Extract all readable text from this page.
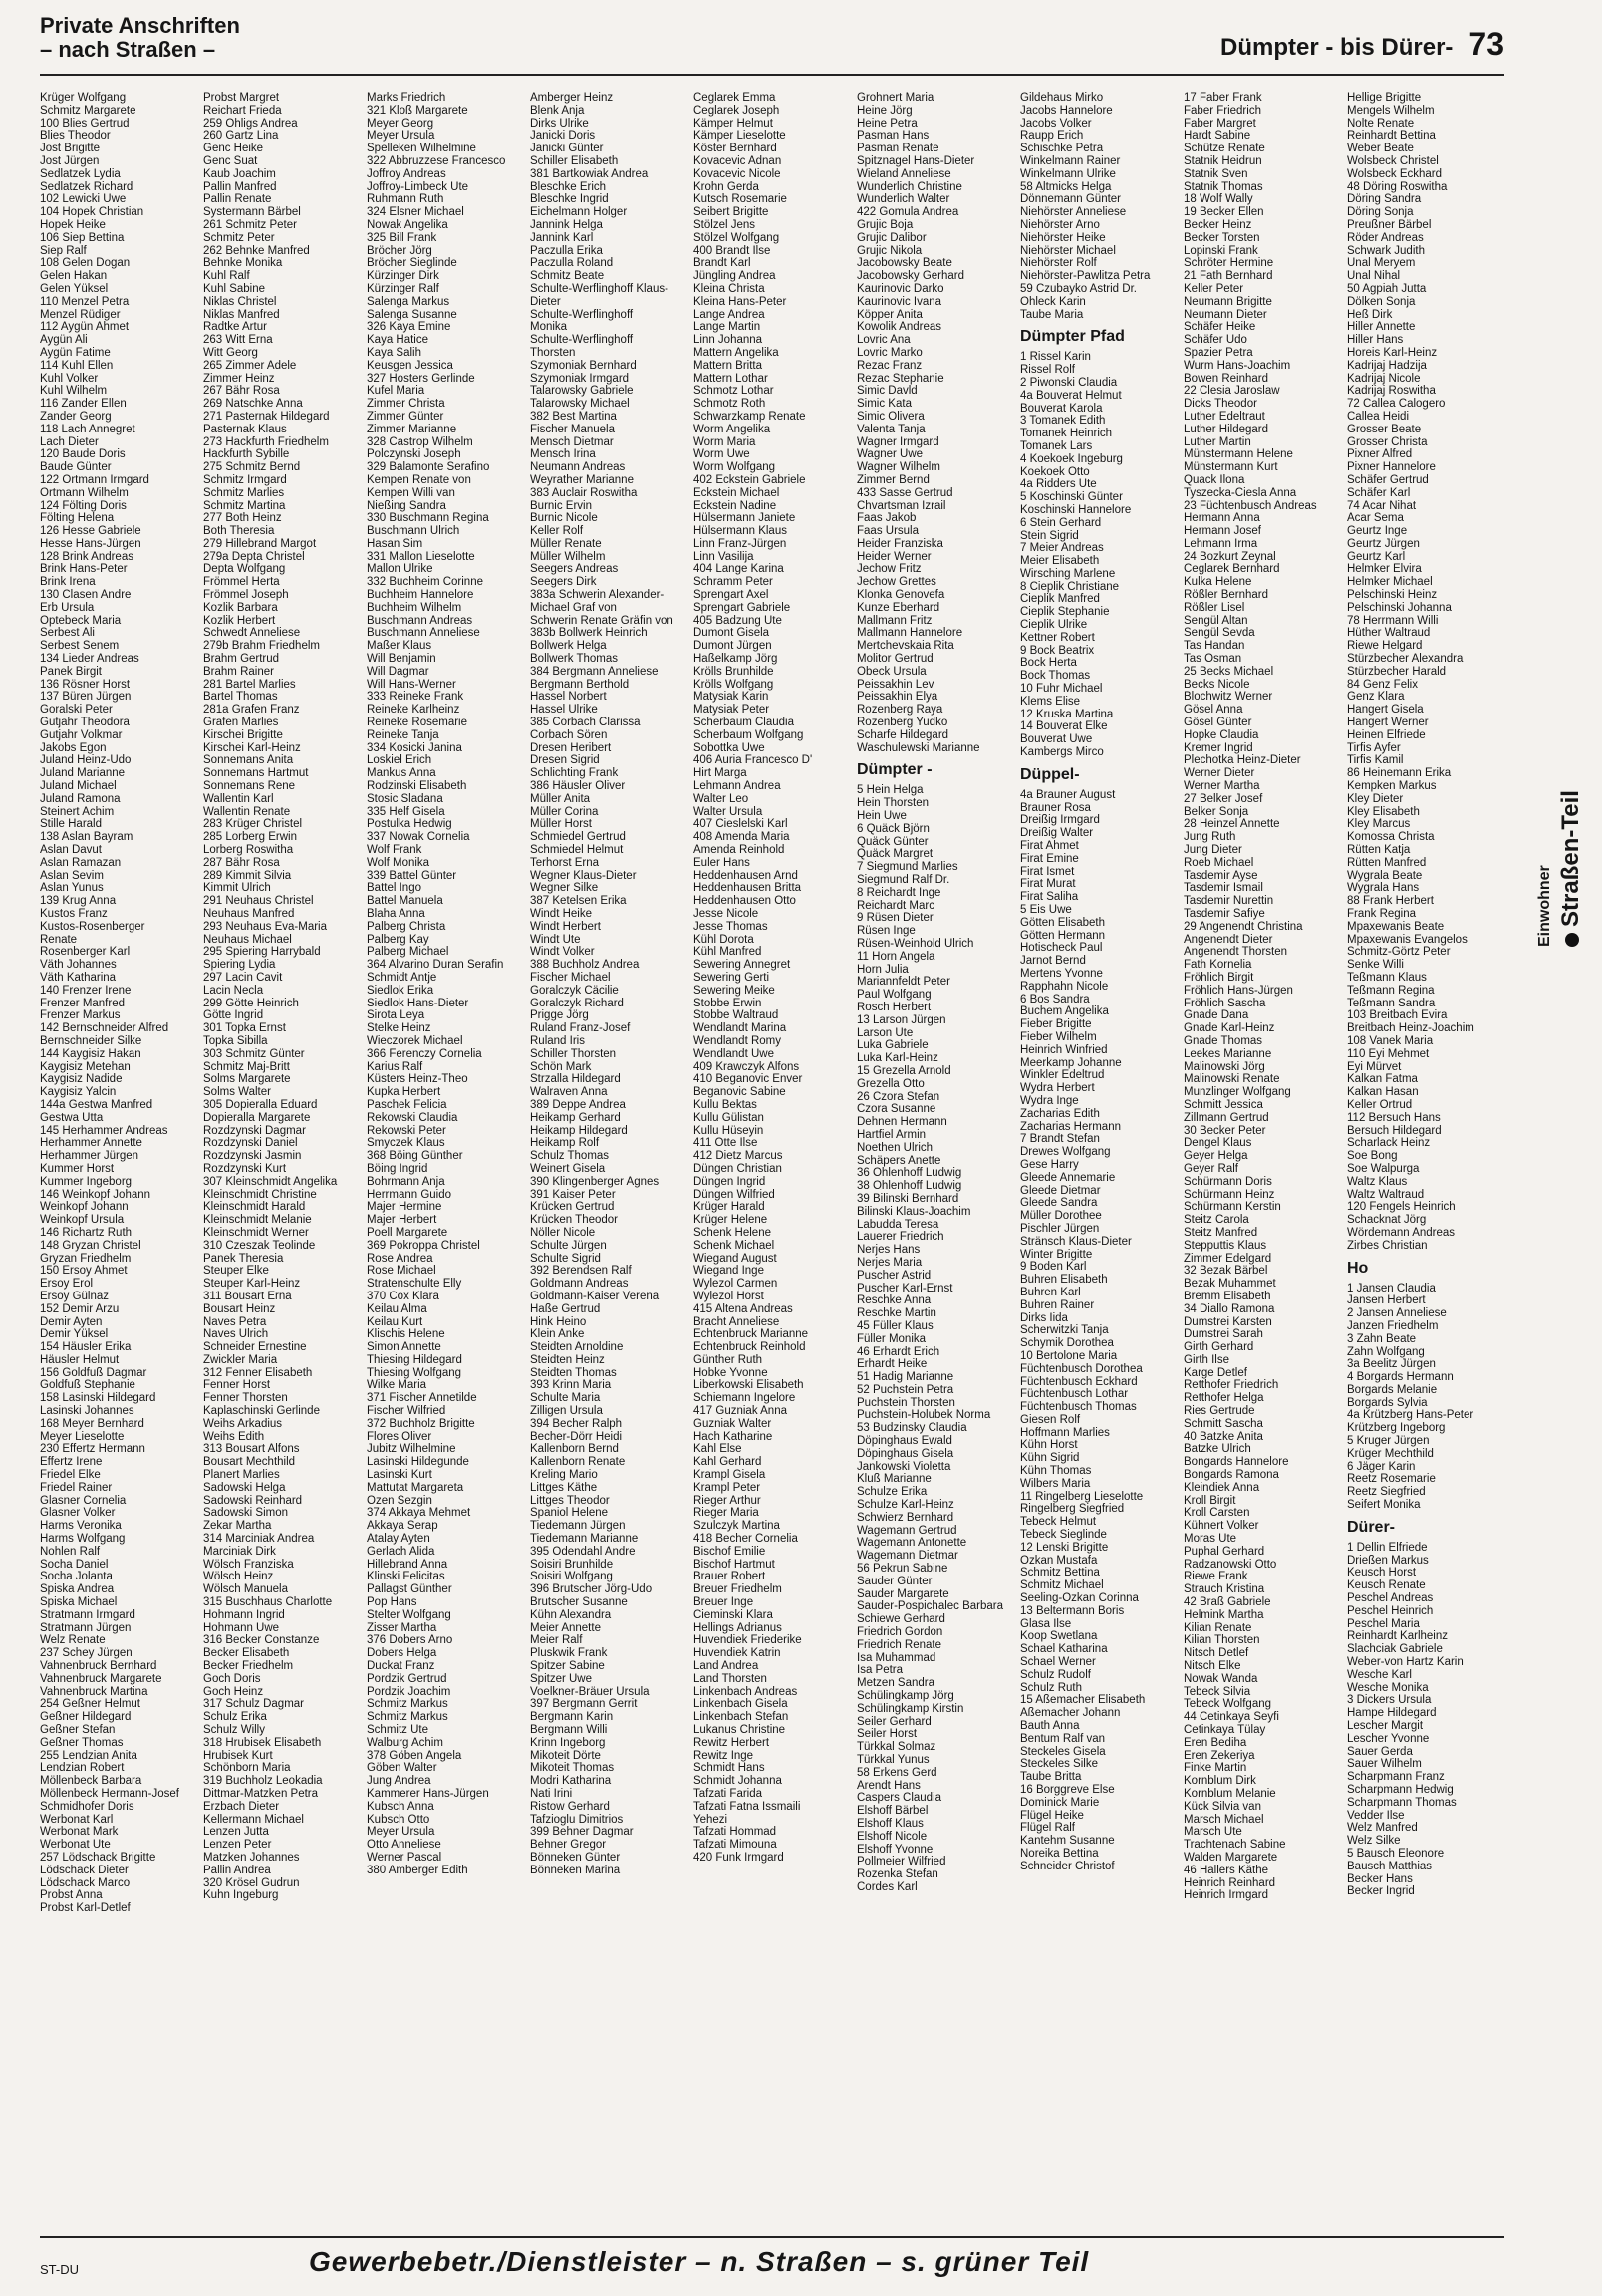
Private Anschriften
– nach Straßen –	Dümpter - bis Dürer- 73
Krüger Wolfgang
Schmitz Margarete
100 Blies Gertrud
Blies Theodor
Jost Brigitte
Jost Jürgen
Sedlatzek Lydia
Sedlatzek Richard
102 Lewicki Uwe
104 Hopek Christian
Hopek Heike
106 Siep Bettina
Siep Ralf
108 Gelen Dogan
Gelen Hakan
Gelen Yüksel
110 Menzel Petra
Menzel Rüdiger
112 Aygün Ahmet
Aygün Ali
Aygün Fatime
114 Kuhl Ellen
Kuhl Volker
Kuhl Wilhelm
116 Zander Ellen
Zander Georg
118 Lach Annegret
Lach Dieter
120 Baude Doris
Baude Günter
122 Ortmann Irmgard
Ortmann Wilhelm
124 Fölting Doris
Fölting Helena
126 Hesse Gabriele
Hesse Hans-Jürgen
128 Brink Andreas
Brink Hans-Peter
Brink Irena
130 Clasen Andre
Erb Ursula
Optebeck Maria
Serbest Ali
Serbest Senem
134 Lieder Andreas
Panek Birgit
136 Rösner Horst
137 Büren Jürgen
Goralski Peter
Gutjahr Theodora
Gutjahr Volkmar
Jakobs Egon
Juland Heinz-Udo
Juland Marianne
Juland Michael
Juland Ramona
Steinert Achim
Stille Harald
138 Aslan Bayram
Aslan Davut
Aslan Ramazan
Aslan Sevim
Aslan Yunus
139 Krug Anna
Kustos Franz
Kustos-Rosenberger
Renate
Rosenberger Karl
Väth Johannes
Väth Katharina
140 Frenzer Irene
Frenzer Manfred
Frenzer Markus
142 Bernschneider Alfred
Bernschneider Silke
144 Kaygisiz Hakan
Kaygisiz Metehan
Kaygisiz Nadide
Kaygisiz Yalcin
144a Gestwa Manfred
Gestwa Utta
145 Herhammer Andreas
Herhammer Annette
Herhammer Jürgen
Kummer Horst
Kummer Ingeborg
146 Weinkopf Johann
Weinkopf Johann
Weinkopf Ursula
146 Richartz Ruth
148 Gryzan Christel
Gryzan Friedhelm
150 Ersoy Ahmet
Ersoy Erol
Ersoy Gülnaz
152 Demir Arzu
Demir Ayten
Demir Yüksel
154 Häusler Erika
Häusler Helmut
156 Goldfuß Dagmar
Goldfuß Stephanie
158 Lasinski Hildegard
Lasinski Johannes
168 Meyer Bernhard
Meyer Lieselotte
230 Effertz Hermann
Effertz Irene
Friedel Elke
Friedel Rainer
Glasner Cornelia
Glasner Volker
Harms Veronika
Harms Wolfgang
Nohlen Ralf
Socha Daniel
Socha Jolanta
Spiska Andrea
Spiska Michael
Stratmann Irmgard
Stratmann Jürgen
Welz Renate
237 Schey Jürgen
Vahnenbruck Bernhard
Vahnenbruck Margarete
Vahnenbruck Martina
254 Geßner Helmut
Geßner Hildegard
Geßner Stefan
Geßner Thomas
255 Lendzian Anita
Lendzian Robert
Möllenbeck Barbara
Möllenbeck Hermann-Josef
Schmidhofer Doris
Werbonat Karl
Werbonat Mark
Werbonat Ute
257 Lödschack Brigitte
Lödschack Dieter
Lödschack Marco
Probst Anna
Probst Karl-Detlef
Probst Margret
Reichart Frieda
259 Ohligs Andrea
260 Gartz Lina
Genc Heike
Genc Suat
Kaub Joachim
Pallin Manfred
Pallin Renate
Systermann Bärbel
261 Schmitz Peter
Schmitz Peter
262 Behnke Manfred
Behnke Monika
Kuhl Ralf
Kuhl Sabine
Niklas Christel
Niklas Manfred
Radtke Artur
263 Witt Erna
Witt Georg
265 Zimmer Adele
Zimmer Heinz
267 Bähr Rosa
269 Natschke Anna
271 Pasternak Hildegard
Pasternak Klaus
273 Hackfurth Friedhelm
Hackfurth Sybille
275 Schmitz Bernd
Schmitz Irmgard
Schmitz Marlies
Schmitz Martina
277 Both Heinz
Both Theresia
279 Hillebrand Margot
279a Depta Christel
Depta Wolfgang
Frömmel Herta
Frömmel Joseph
Kozlik Barbara
Kozlik Herbert
Schwedt Anneliese
279b Brahm Friedhelm
Brahm Gertrud
Brahm Rainer
281 Bartel Marlies
Bartel Thomas
281a Grafen Franz
Grafen Marlies
Kirschei Brigitte
Kirschei Karl-Heinz
Sonnemans Anita
Sonnemans Hartmut
Sonnemans Rene
Wallentin Karl
Wallentin Renate
283 Krüger Christel
285 Lorberg Erwin
Lorberg Roswitha
287 Bähr Rosa
289 Kimmit Silvia
Kimmit Ulrich
291 Neuhaus Christel
Neuhaus Manfred
293 Neuhaus Eva-Maria
Neuhaus Michael
295 Spiering Harrybald
Spiering Lydia
297 Lacin Cavit
Lacin Necla
299 Götte Heinrich
Götte Ingrid
301 Topka Ernst
Topka Sibilla
303 Schmitz Günter
Schmitz Maj-Britt
Solms Margarete
Solms Walter
305 Dopieralla Eduard
Dopieralla Margarete
Rozdzynski Dagmar
Rozdzynski Daniel
Rozdzynski Jasmin
Rozdzynski Kurt
307 Kleinschmidt Angelika
Kleinschmidt Christine
Kleinschmidt Harald
Kleinschmidt Melanie
Kleinschmidt Werner
310 Czeszak Teolinde
Panek Theresia
Steuper Elke
Steuper Karl-Heinz
311 Bousart Erna
Bousart Heinz
Naves Petra
Naves Ulrich
Schneider Ernestine
Zwickler Maria
312 Fenner Elisabeth
Fenner Horst
Fenner Thorsten
Kaplaschinski Gerlinde
Weihs Arkadius
Weihs Edith
313 Bousart Alfons
Bousart Mechthild
Planert Marlies
Sadowski Helga
Sadowski Reinhard
Sadowski Simon
Zekar Martha
314 Marciniak Andrea
Marciniak Dirk
Wölsch Franziska
Wölsch Heinz
Wölsch Manuela
315 Buschhaus Charlotte
Hohmann Ingrid
Hohmann Uwe
316 Becker Constanze
Becker Elisabeth
Becker Friedhelm
Goch Doris
Goch Heinz
317 Schulz Dagmar
Schulz Erika
Schulz Willy
318 Hrubisek Elisabeth
Hrubisek Kurt
Schönborn Maria
319 Buchholz Leokadia
Dittmar-Matzken Petra
Erzbach Dieter
Kellermann Michael
Lenzen Jutta
Lenzen Peter
Matzken Johannes
Pallin Andrea
320 Krösel Gudrun
Kuhn Ingeburg
Marks Friedrich
321 Kloß Margarete
Meyer Georg
Meyer Ursula
Spelleken Wilhelmine
322 Abbruzzese Francesco
Joffroy Andreas
Joffroy-Limbeck Ute
Ruhmann Ruth
324 Elsner Michael
Nowak Angelika
325 Bill Frank
Bröcher Jörg
Bröcher Sieglinde
Kürzinger Dirk
Kürzinger Ralf
Salenga Markus
Salenga Susanne
326 Kaya Emine
Kaya Hatice
Kaya Salih
Keusgen Jessica
327 Hosters Gerlinde
Kufel Maria
Zimmer Christa
Zimmer Günter
Zimmer Marianne
328 Castrop Wilhelm
Polczynski Joseph
329 Balamonte Serafino
Kempen Renate von
Kempen Willi van
Nießing Sandra
330 Buschmann Regina
Buschmann Ulrich
Hasan Sim
331 Mallon Lieselotte
Mallon Ulrike
332 Buchheim Corinne
Buchheim Hannelore
Buchheim Wilhelm
Buschmann Andreas
Buschmann Anneliese
Maßer Klaus
Will Benjamin
Will Dagmar
Will Hans-Werner
333 Reineke Frank
Reineke Karlheinz
Reineke Rosemarie
Reineke Tanja
334 Kosicki Janina
Loskiel Erich
Mankus Anna
Rodzinski Elisabeth
Stosic Sladana
335 Helf Gisela
Postulka Hedwig
337 Nowak Cornelia
Wolf Frank
Wolf Monika
339 Battel Günter
Battel Ingo
Battel Manuela
Blaha Anna
Palberg Christa
Palberg Kay
Palberg Michael
364 Alvarino Duran Serafin
Schmidt Antje
Siedlok Erika
Siedlok Hans-Dieter
Sirota Leya
Stelke Heinz
Wieczorek Michael
366 Ferenczy Cornelia
Karius Ralf
Küsters Heinz-Theo
Kupka Herbert
Paschek Felicia
Rekowski Claudia
Rekowski Peter
Smyczek Klaus
368 Böing Günther
Böing Ingrid
Bohrmann Anja
Herrmann Guido
Majer Hermine
Majer Herbert
Poell Margarete
369 Pokroppa Christel
Rose Andrea
Rose Michael
Stratenschulte Elly
370 Cox Klara
Keilau Alma
Keilau Kurt
Klischis Helene
Simon Annette
Thiesing Hildegard
Thiesing Wolfgang
Wilke Maria
371 Fischer Annetilde
Fischer Wilfried
372 Buchholz Brigitte
Flores Oliver
Jubitz Wilhelmine
Lasinski Hildegunde
Lasinski Kurt
Mattutat Margareta
Özen Sezgin
374 Akkaya Mehmet
Akkaya Serap
Atalay Ayten
Gerlach Alida
Hillebrand Anna
Klinski Felicitas
Pallagst Günther
Pop Hans
Stelter Wolfgang
Zisser Martha
376 Dobers Arno
Dobers Helga
Duckat Franz
Pordzik Gertrud
Pordzik Joachim
Schmitz Markus
Schmitz Markus
Schmitz Ute
Walburg Achim
378 Göben Angela
Göben Walter
Jung Andrea
Kammerer Hans-Jürgen
Kubsch Anna
Kubsch Otto
Meyer Ursula
Otto Anneliese
Werner Pascal
380 Amberger Edith
Amberger Heinz
Blenk Anja
Dirks Ulrike
Janicki Doris
Janicki Günter
Schiller Elisabeth
381 Bartkowiak Andrea
Bleschke Erich
Bleschke Ingrid
Eichelmann Holger
Jannink Helga
Jannink Karl
Paczulla Erika
Paczulla Roland
Schmitz Beate
Schulte-Werflinghoff Klaus-
Dieter
Schulte-Werflinghoff
Monika
Schulte-Werflinghoff
Thorsten
Szymoniak Bernhard
Szymoniak Irmgard
Talarowsky Gabriele
Talarowsky Michael
382 Best Martina
Fischer Manuela
Mensch Dietmar
Mensch Irina
Neumann Andreas
Weyrather Marianne
383 Auclair Roswitha
Burnic Ervin
Burnic Nicole
Keller Rolf
Müller Renate
Müller Wilhelm
Seegers Andreas
Seegers Dirk
383a Schwerin Alexander-
Michael Graf von
Schwerin Renate Gräfin von
383b Bollwerk Heinrich
Bollwerk Helga
Bollwerk Thomas
384 Bergmann Anneliese
Bergmann Berthold
Hassel Norbert
Hassel Ulrike
385 Corbach Clarissa
Corbach Sören
Dresen Heribert
Dresen Sigrid
Schlichting Frank
386 Häusler Oliver
Müller Anita
Müller Corina
Müller Horst
Schmiedel Gertrud
Schmiedel Helmut
Terhorst Erna
Wegner Klaus-Dieter
Wegner Silke
387 Ketelsen Erika
Windt Heike
Windt Herbert
Windt Ute
Windt Volker
388 Buchholz Andrea
Fischer Michael
Goralczyk Cäcilie
Goralczyk Richard
Prigge Jörg
Ruland Franz-Josef
Ruland Iris
Schiller Thorsten
Schön Mark
Strzalla Hildegard
Walraven Anna
389 Deppe Andrea
Heikamp Gerhard
Heikamp Hildegard
Heikamp Rolf
Schulz Thomas
Weinert Gisela
390 Klingenberger Agnes
391 Kaiser Peter
Krücken Gertrud
Krücken Theodor
Nöller Nicole
Schulte Jürgen
Schulte Sigrid
392 Berendsen Ralf
Goldmann Andreas
Goldmann-Kaiser Verena
Haße Gertrud
Hink Heino
Klein Anke
Steidten Arnoldine
Steidten Heinz
Steidten Thomas
393 Krinn Maria
Schulte Maria
Zilligen Ursula
394 Becher Ralph
Becher-Dörr Heidi
Kallenborn Bernd
Kallenborn Renate
Kreling Mario
Littges Käthe
Littges Theodor
Spaniol Helene
Tiedemann Jürgen
Tiedemann Marianne
395 Odendahl Andre
Soisiri Brunhilde
Soisiri Wolfgang
396 Brutscher Jörg-Udo
Brutscher Susanne
Kühn Alexandra
Meier Annette
Meier Ralf
Pluskwik Frank
Spitzer Sabine
Spitzer Uwe
Voelkner-Bräuer Ursula
397 Bergmann Gerrit
Bergmann Karin
Bergmann Willi
Krinn Ingeborg
Mikoteit Dörte
Mikoteit Thomas
Modri Katharina
Nati Irini
Ristow Gerhard
Tafzioglu Dimitrios
399 Behner Dagmar
Behner Gregor
Bönneken Günter
Bönneken Marina
Ceglarek Emma
Ceglarek Joseph
Kämper Helmut
Kämper Lieselotte
Köster Bernhard
Kovacevic Adnan
Kovacevic Nicole
Krohn Gerda
Kutsch Rosemarie
Seibert Brigitte
Stölzel Jens
Stölzel Wolfgang
400 Brandt Ilse
Brandt Karl
Jüngling Andrea
Kleina Christa
Kleina Hans-Peter
Lange Andrea
Lange Martin
Linn Johanna
Mattern Angelika
Mattern Britta
Mattern Lothar
Schmotz Lothar
Schmotz Roth
Schwarzkamp Renate
Worm Angelika
Worm Maria
Worm Uwe
Worm Wolfgang
402 Eckstein Gabriele
Eckstein Michael
Eckstein Nadine
Hülsermann Janiete
Hülsermann Klaus
Linn Franz-Jürgen
Linn Vasilija
404 Lange Karina
Schramm Peter
Sprengart Axel
Sprengart Gabriele
405 Badzung Ute
Dumont Gisela
Dumont Jürgen
Haßelkamp Jörg
Krölls Brunhilde
Krölls Wolfgang
Matysiak Karin
Matysiak Peter
Scherbaum Claudia
Scherbaum Wolfgang
Sobottka Uwe
406 Auria Francesco D'
Hirt Marga
Lehmann Andrea
Walter Leo
Walter Ursula
407 Cieslelski Karl
408 Amenda Maria
Amenda Reinhold
Euler Hans
Heddenhausen Arnd
Heddenhausen Britta
Heddenhausen Otto
Jesse Nicole
Jesse Thomas
Kühl Dorota
Kühl Manfred
Sewering Annegret
Sewering Gerti
Sewering Meike
Stobbe Erwin
Stobbe Waltraud
Wendlandt Marina
Wendlandt Romy
Wendlandt Uwe
409 Krawczyk Alfons
410 Beganovic Enver
Beganovic Sabine
Kullu Bektas
Kullu Gülistan
Kullu Hüseyin
411 Otte Ilse
412 Dietz Marcus
Düngen Christian
Düngen Ingrid
Düngen Wilfried
Krüger Harald
Krüger Helene
Schenk Helene
Schenk Michael
Wiegand August
Wiegand Inge
Wylezol Carmen
Wylezol Horst
415 Altena Andreas
Bracht Anneliese
Echtenbruck Marianne
Echtenbruck Reinhold
Günther Ruth
Hobke Yvonne
Liberkowski Elisabeth
Schiemann Ingelore
417 Guzniak Anna
Guzniak Walter
Hach Katharine
Kahl Else
Kahl Gerhard
Krampl Gisela
Krampl Peter
Rieger Arthur
Rieger Maria
Szulczyk Martina
418 Becher Cornelia
Bischof Emilie
Bischof Hartmut
Brauer Robert
Breuer Friedhelm
Breuer Inge
Cieminski Klara
Hellings Adrianus
Huvendiek Friederike
Huvendiek Katrin
Land Andrea
Land Thorsten
Linkenbach Andreas
Linkenbach Gisela
Linkenbach Stefan
Lukanus Christine
Rewitz Herbert
Rewitz Inge
Schmidt Hans
Schmidt Johanna
Tafzati Farida
Tafzati Fatna Issmaili
Yehezi
Tafzati Hommad
Tafzati Mimouna
420 Funk Irmgard
Grohnert Maria
Heine Jörg
Heine Petra
Pasman Hans
Pasman Renate
Spitznagel Hans-Dieter
Wieland Anneliese
Wunderlich Christine
Wunderlich Walter
422 Gomula Andrea
Grujic Boja
Grujic Dalibor
Grujic Nikola
Jacobowsky Beate
Jacobowsky Gerhard
Kaurinovic Darko
Kaurinovic Ivana
Köpper Anita
Kowolik Andreas
Lovric Ana
Lovric Marko
Rezac Franz
Rezac Stephanie
Simic Davld
Simic Kata
Simic Olivera
Valenta Tanja
Wagner Irmgard
Wagner Uwe
Wagner Wilhelm
Zimmer Bernd
433 Sasse Gertrud
Chvartsman Izrail
Faas Jakob
Faas Ursula
Heider Franziska
Heider Werner
Jechow Fritz
Jechow Grettes
Klonka Genovefa
Kunze Eberhard
Mallmann Fritz
Mallmann Hannelore
Mertchevskaia Rita
Molitor Gertrud
Obeck Ursula
Peissakhin Lev
Peissakhin Elya
Rozenberg Raya
Rozenberg Yudko
Scharfe Hildegard
Waschulewski Marianne
Dümpter -
5 Hein Helga
Hein Thorsten
Hein Uwe
6 Quäck Björn
Quäck Günter
Quäck Margret
7 Siegmund Marlies
Siegmund Ralf Dr.
8 Reichardt Inge
Reichardt Marc
9 Rüsen Dieter
Rüsen Inge
Rüsen-Weinhold Ulrich
11 Horn Angela
Horn Julia
Mariannfeldt Peter
Paul Wolfgang
Rosch Herbert
13 Larson Jürgen
Larson Ute
Luka Gabriele
Luka Karl-Heinz
15 Grezella Arnold
Grezella Otto
26 Czora Stefan
Czora Susanne
Dehnen Hermann
Hartfiel Armin
Noethen Ulrich
Schäpers Anette
36 Ohlenhoff Ludwig
38 Ohlenhoff Ludwig
39 Bilinski Bernhard
Bilinski Klaus-Joachim
Labudda Teresa
Lauerer Friedrich
Nerjes Hans
Nerjes Maria
Puscher Astrid
Puscher Karl-Ernst
Reschke Anna
Reschke Martin
45 Füller Klaus
Füller Monika
46 Erhardt Erich
Erhardt Heike
51 Hadig Marianne
52 Puchstein Petra
Puchstein Thorsten
Puchstein-Holubek Norma
53 Budzinsky Claudia
Döpinghaus Ewald
Döpinghaus Gisela
Jankowski Violetta
Kluß Marianne
Schulze Erika
Schulze Karl-Heinz
Schwierz Bernhard
Wagemann Gertrud
Wagemann Antonette
Wagemann Dietmar
56 Pekrun Sabine
Sauder Günter
Sauder Margarete
Sauder-Pospichalec Barbara
Schiewe Gerhard
Friedrich Gordon
Friedrich Renate
Isa Muhammad
Isa Petra
Metzen Sandra
Schülingkamp Jörg
Schülingkamp Kirstin
Seiler Gerhard
Seiler Horst
Türkkal Solmaz
Türkkal Yunus
58 Erkens Gerd
Arendt Hans
Caspers Claudia
Elshoff Bärbel
Elshoff Klaus
Elshoff Nicole
Elshoff Yvonne
Pollmeier Wilfried
Rozenka Stefan
Cordes Karl
Gildehaus Mirko
Jacobs Hannelore
Jacobs Volker
Raupp Erich
Schischke Petra
Winkelmann Rainer
Winkelmann Ulrike
58 Altmicks Helga
Dönnemann Günter
Niehörster Anneliese
Niehörster Arno
Niehörster Heike
Niehörster Michael
Niehörster Rolf
Niehörster-Pawlitza Petra
59 Czubayko Astrid Dr.
Ohleck Karin
Taube Maria
Dümpter Pfad
1 Rissel Karin
Rissel Rolf
2 Piwonski Claudia
4a Bouverat Helmut
Bouverat Karola
3 Tomanek Edith
Tomanek Heinrich
Tomanek Lars
4 Koekoek Ingeburg
Koekoek Otto
4a Ridders Ute
5 Koschinski Günter
Koschinski Hannelore
6 Stein Gerhard
Stein Sigrid
7 Meier Andreas
Meier Elisabeth
Wirsching Marlene
8 Cieplik Christiane
Cieplik Manfred
Cieplik Stephanie
Cieplik Ulrike
Kettner Robert
9 Bock Beatrix
Bock Herta
Bock Thomas
10 Fuhr Michael
Klems Elise
12 Kruska Martina
14 Bouverat Elke
Bouverat Uwe
Kambergs Mirco
Düppel-
4a Brauner August
Brauner Rosa
Dreißig Irmgard
Dreißig Walter
Firat Ahmet
Firat Emine
Firat Ismet
Firat Murat
Firat Saliha
5 Eis Uwe
Götten Elisabeth
Götten Hermann
Hotischeck Paul
Jarnot Bernd
Mertens Yvonne
Rapphahn Nicole
6 Bos Sandra
Buchem Angelika
Fieber Brigitte
Fieber Wilhelm
Heinrich Winfried
Meerkamp Johanne
Winkler Edeltrud
Wydra Herbert
Wydra Inge
Zacharias Edith
Zacharias Hermann
7 Brandt Stefan
Drewes Wolfgang
Gese Harry
Gleede Annemarie
Gleede Dietmar
Gleede Sandra
Müller Dorothee
Pischler Jürgen
Stränsch Klaus-Dieter
Winter Brigitte
9 Boden Karl
Buhren Elisabeth
Buhren Karl
Buhren Rainer
Dirks Iida
Scherwitzki Tanja
Schymik Dorothea
10 Bertolone Maria
Füchtenbusch Dorothea
Füchtenbusch Eckhard
Füchtenbusch Lothar
Füchtenbusch Thomas
Giesen Rolf
Hoffmann Marlies
Kühn Horst
Kühn Sigrid
Kühn Thomas
Wilbers Maria
11 Ringelberg Lieselotte
Ringelberg Siegfried
Tebeck Helmut
Tebeck Sieglinde
12 Lenski Brigitte
Özkan Mustafa
Schmitz Bettina
Schmitz Michael
Seeling-Özkan Corinna
13 Beltermann Boris
Glasa Ilse
Koop Swetlana
Schael Katharina
Schael Werner
Schulz Rudolf
Schulz Ruth
15 Aßemacher Elisabeth
Aßemacher Johann
Bauth Anna
Bentum Ralf van
Steckeles Gisela
Steckeles Silke
Taube Britta
16 Borggreve Else
Dominick Marie
Flügel Heike
Flügel Ralf
Kantehm Susanne
Noreika Bettina
Schneider Christof
17 Faber Frank
Faber Friedrich
Faber Margret
Hardt Sabine
Schütze Renate
Statnik Heidrun
Statnik Sven
Statnik Thomas
18 Wolf Wally
19 Becker Ellen
Becker Heinz
Becker Torsten
Lopinski Frank
Schröter Hermine
21 Fath Bernhard
Keller Peter
Neumann Brigitte
Neumann Dieter
Schäfer Heike
Schäfer Udo
Spazier Petra
Wurm Hans-Joachim
Bowen Reinhard
22 Clesia Jaroslaw
Dicks Theodor
Luther Edeltraut
Luther Hildegard
Luther Martin
Münstermann Helene
Münstermann Kurt
Quack Ilona
Tyszecka-Ciesla Anna
23 Füchtenbusch Andreas
Hermann Anna
Hermann Josef
Lehmann Irma
24 Bozkurt Zeynal
Ceglarek Bernhard
Kulka Helene
Rößler Bernhard
Rößler Lisel
Sengül Altan
Sengül Sevda
Tas Handan
Tas Osman
25 Becks Michael
Becks Nicole
Blochwitz Werner
Gösel Anna
Gösel Günter
Hopke Claudia
Kremer Ingrid
Plechotka Heinz-Dieter
Werner Dieter
Werner Martha
27 Belker Josef
Belker Sonja
28 Heinzel Annette
Jung Ruth
Jung Dieter
Roeb Michael
Tasdemir Ayse
Tasdemir Ismail
Tasdemir Nurettin
Tasdemir Safiye
29 Angenendt Christina
Angenendt Dieter
Angenendt Thorsten
Fath Kornelia
Fröhlich Birgit
Fröhlich Hans-Jürgen
Fröhlich Sascha
Gnade Dana
Gnade Karl-Heinz
Gnade Thomas
Leekes Marianne
Malinowski Jörg
Malinowski Renate
Munzlinger Wolfgang
Schmitt Jessica
Zillmann Gertrud
30 Becker Peter
Dengel Klaus
Geyer Helga
Geyer Ralf
Schürmann Doris
Schürmann Heinz
Schürmann Kerstin
Steitz Carola
Steitz Manfred
Stepputtis Klaus
Zimmer Edelgard
32 Bezak Bärbel
Bezak Muhammet
Bremm Elisabeth
34 Diallo Ramona
Dumstrei Karsten
Dumstrei Sarah
Girth Gerhard
Girth Ilse
Karge Detlef
Retthofer Friedrich
Retthofer Helga
Ries Gertrude
Schmitt Sascha
40 Batzke Anita
Batzke Ulrich
Bongards Hannelore
Bongards Ramona
Kleindiek Anna
Kroll Birgit
Kroll Carsten
Kühnert Volker
Moras Ute
Puphal Gerhard
Radzanowski Otto
Riewe Frank
Strauch Kristina
42 Braß Gabriele
Helmink Martha
Kilian Renate
Kilian Thorsten
Nitsch Detlef
Nitsch Elke
Nowak Wanda
Tebeck Silvia
Tebeck Wolfgang
44 Cetinkaya Seyfi
Cetinkaya Tülay
Eren Bediha
Eren Zekeriya
Finke Martin
Kornblum Dirk
Kornblum Melanie
Kück Silvia van
Marsch Michael
Marsch Ute
Trachtenach Sabine
Walden Margarete
46 Hallers Käthe
Heinrich Reinhard
Heinrich Irmgard
Hellige Brigitte
Mengels Wilhelm
Nolte Renate
Reinhardt Bettina
Weber Beate
Wolsbeck Christel
Wolsbeck Eckhard
48 Döring Roswitha
Döring Sandra
Döring Sonja
Preußner Bärbel
Röder Andreas
Schwark Judith
Ünal Meryem
Ünal Nihal
50 Agpiah Jutta
Dölken Sonja
Heß Dirk
Hiller Annette
Hiller Hans
Horeis Karl-Heinz
Kadrijaj Hadzija
Kadrijaj Nicole
Kadrijaj Roswitha
72 Callea Calogero
Callea Heidi
Grosser Beate
Grosser Christa
Pixner Alfred
Pixner Hannelore
Schäfer Gertrud
Schäfer Karl
74 Acar Nihat
Acar Sema
Geurtz Inge
Geurtz Jürgen
Geurtz Karl
Helmker Elvira
Helmker Michael
Pelschinski Heinz
Pelschinski Johanna
78 Herrmann Willi
Hüther Waltraud
Riewe Helgard
Stürzbecher Alexandra
Stürzbecher Harald
84 Genz Felix
Genz Klara
Hangert Gisela
Hangert Werner
Heinen Elfriede
Tirfis Ayfer
Tirfis Kamil
86 Heinemann Erika
Kempken Markus
Kley Dieter
Kley Elisabeth
Kley Marcus
Komossa Christa
Rütten Katja
Rütten Manfred
Wygrala Beate
Wygrala Hans
88 Frank Herbert
Frank Regina
Mpaxewanis Beate
Mpaxewanis Evangelos
Schmitz-Görtz Peter
Senke Willi
Teßmann Klaus
Teßmann Regina
Teßmann Sandra
103 Breitbach Evira
Breitbach Heinz-Joachim
108 Vanek Maria
110 Eyi Mehmet
Eyi Mürvet
Kalkan Fatma
Kalkan Hasan
Keller Ortrud
112 Bersuch Hans
Bersuch Hildegard
Scharlack Heinz
Soe Bong
Soe Walpurga
Waltz Klaus
Waltz Waltraud
120 Fengels Heinrich
Schacknat Jörg
Wördemann Andreas
Zirbes Christian
Ho
1 Jansen Claudia
Jansen Herbert
2 Jansen Anneliese
Janzen Friedhelm
3 Zahn Beate
Zahn Wolfgang
3a Beelitz Jürgen
4 Borgards Hermann
Borgards Melanie
Borgards Sylvia
4a Krützberg Hans-Peter
Krützberg Ingeborg
5 Kruger Jürgen
Krüger Mechthild
6 Jäger Karin
Reetz Rosemarie
Reetz Siegfried
Seifert Monika
Dürer-
1 Dellin Elfriede
Drießen Markus
Keusch Horst
Keusch Renate
Peschel Andreas
Peschel Heinrich
Peschel Maria
Reinhardt Karlheinz
Slachciak Gabriele
Weber-von Hartz Karin
Wesche Karl
Wesche Monika
3 Dickers Ursula
Hampe Hildegard
Lescher Margit
Lescher Yvonne
Sauer Gerda
Sauer Wilhelm
Scharpmann Franz
Scharpmann Hedwig
Scharpmann Thomas
Vedder Ilse
Welz Manfred
Welz Silke
5 Bausch Eleonore
Bausch Matthias
Becker Hans
Becker Ingrid
Einwohner Straßen-Teil
ST-DU	Gewerbebetr./Dienstleister – n. Straßen – s. grüner Teil
